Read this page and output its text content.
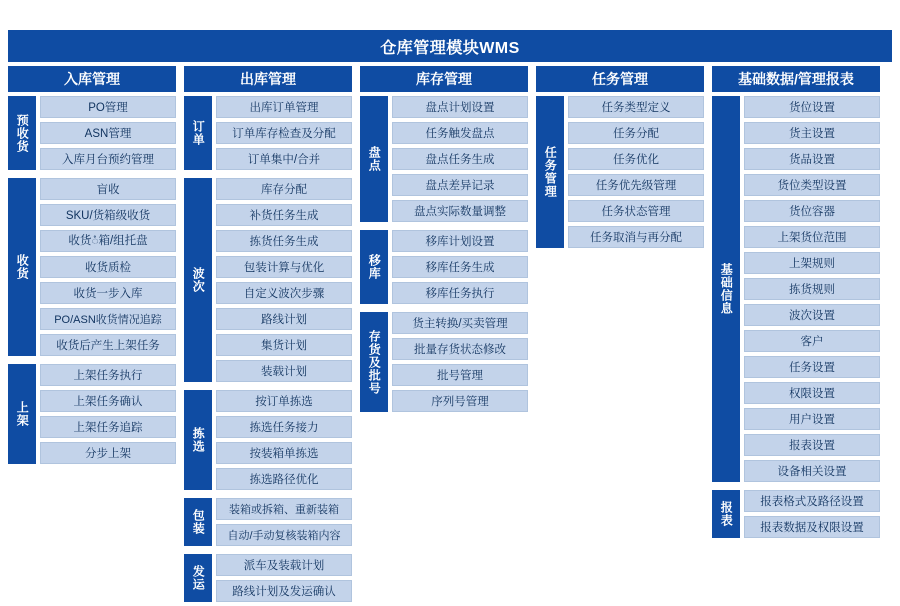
仓库管理模块WMS
入库管理
预收货
PO管理
ASN管理
入库月台预约管理
收货
盲收
SKU/货箱级收货
收货ံ箱/组托盘
收货质检
收货一步入库
PO/ASN收货情况追踪
收货后产生上架任务
上架
上架任务执行
上架任务确认
上架任务追踪
分步上架
出库管理
订单
出库订单管理
订单库存检查及分配
订单集中/合并
波次
库存分配
补货任务生成
拣货任务生成
包装计算与优化
自定义波次步骤
路线计划
集货计划
装载计划
拣选
按订单拣选
拣选任务接力
按装箱单拣选
拣选路径优化
包装	装箱或拆箱、重新装箱
自动/手动复核装箱内容
发运	派车及装载计划
路线计划及发运确认
库存管理
盘点
盘点计划设置
任务触发盘点
盘点任务生成
盘点差异记录
盘点实际数量调整
移库
移库计划设置
移库任务生成
移库任务执行
存货及批号
货主转换/买卖管理
批量存货状态修改
批号管理
序列号管理
任务管理
任务管理
任务类型定义
任务分配
任务优化
任务优先级管理
任务状态管理
任务取消与再分配
基础数据/管理报表
基础信息
货位设置
货主设置
货品设置
货位类型设置
货位容器
上架货位范围
上架规则
拣货规则
波次设置
客户
任务设置
权限设置
用户设置
报表设置
设备相关设置
报表	报表格式及路径设置
报表数据及权限设置
